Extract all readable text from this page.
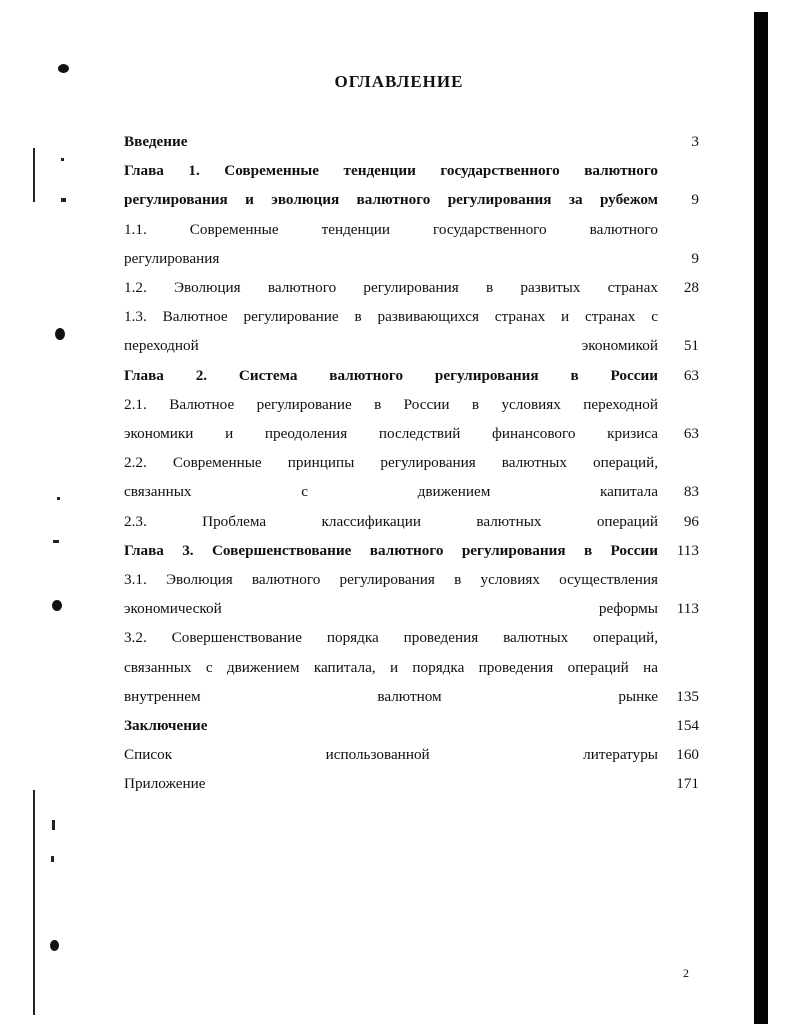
ОГЛАВЛЕНИЕ
Введение	3
Глава 1. Современные тенденции государственного валютного
регулирования и эволюция валютного регулирования за рубежом 9
1.1. Современные тенденции государственного валютного
регулирования	9
1.2. Эволюция валютного регулирования в развитых странах 28
1.3. Валютное регулирование в развивающихся странах и странах с
переходной экономикой 51
Глава 2. Система валютного регулирования в России 63
2.1. Валютное регулирование в России в условиях переходной
экономики и преодоления последствий финансового кризиса 63
2.2. Современные принципы регулирования валютных операций,
связанных с движением капитала 83
2.3. Проблема классификации валютных операций 96
Глава 3. Совершенствование валютного регулирования в России 113
3.1. Эволюция валютного регулирования в условиях осуществления
экономической реформы 113
3.2. Совершенствование порядка проведения валютных операций,
связанных с движением капитала, и порядка проведения операций на
внутреннем валютном рынке 135
Заключение	154
Список использованной литературы 160
Приложение	171
2
